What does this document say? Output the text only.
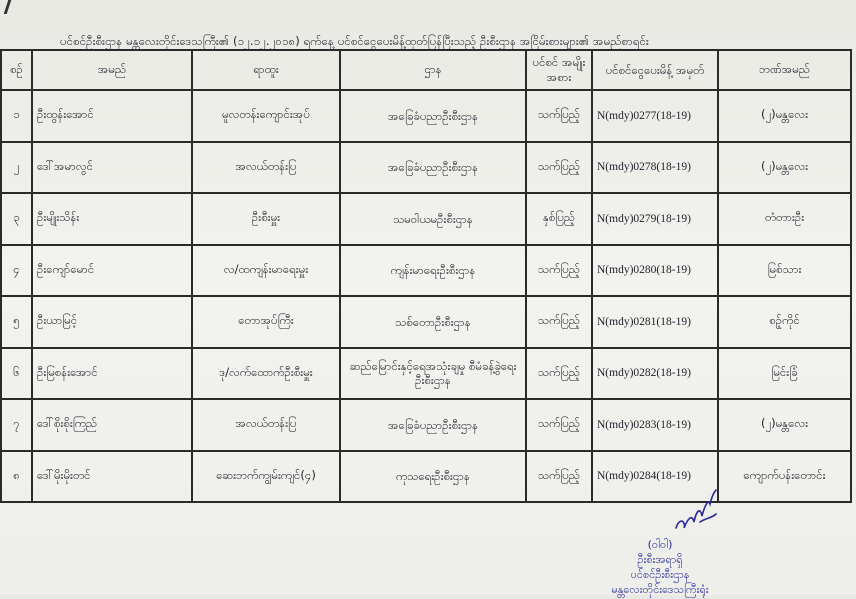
ပင်စင်ဦးစီးဌာန မန္တလေးတိုင်းဒေသကြီး၏ (၁၂.၁၂.၂၀၁၈) ရက်နေ့ ပင်စင်ငွေပေးမိန့်ထုတ်ပြန်ပြီးသည့် ဦးစီးဌာန အငြိမ်းစားများ၏ အမည်စာရင်း
စဉ်	အမည်	ရာထူး	ဌာန	ပင်စင် အမျိုးအစား	ပင်စင်ငွေပေးမိန့် အမှတ်	ဘဏ်အမည်
၁	ဦးထွန်းအောင်	မူလတန်းကျောင်းအုပ်	အခြေခံပညာဦးစီးဌာန	သက်ပြည့်	N(mdy)0277(18-19)	(၂)မန္တလေး
၂	ဒေါ်အမာလွင်	အလယ်တန်းပြ	အခြေခံပညာဦးစီးဌာန	သက်ပြည့်	N(mdy)0278(18-19)	(၂)မန္တလေး
၃	ဦးမျိုးသိန်း	ဦးစီးမှူး	သမဝါယမဦးစီးဌာန	နှစ်ပြည့်	N(mdy)0279(18-19)	တံတားဦး
၄	ဦးကျော်မောင်	လ/ထကျန်းမာရေးမှူး	ကျန်းမာရေးဦးစီးဌာန	သက်ပြည့်	N(mdy)0280(18-19)	မြစ်သား
၅	ဦးယာမြင့်	တောအုပ်ကြီး	သစ်တောဦးစီးဌာန	သက်ပြည့်	N(mdy)0281(18-19)	စဉ့်ကိုင်
၆	ဦးမြစန်းအောင်	ဒု/လက်ထောက်ဦးစီးမှူး	ဆည်မြောင်းနှင့်ရေအသုံးချမှု စီမံခန့်ခွဲရေးဦးစီးဌာန	သက်ပြည့်	N(mdy)0282(18-19)	မြင်းခြံ
၇	ဒေါ်စိုးစိုးကြည်	အလယ်တန်းပြ	အခြေခံပညာဦးစီးဌာန	သက်ပြည့်	N(mdy)0283(18-19)	(၂)မန္တလေး
၈	ဒေါ်မိုးမိုးတင်	ဆေးဘက်ကျွမ်းကျင်(၄)	ကုသရေးဦးစီးဌာန	သက်ပြည့်	N(mdy)0284(18-19)	ကျောက်ပန်းတောင်း
(ဝါဝါ)
ဦးစီးအရာရှိ
ပင်စင်ဦးစီးဌာန
မန္တလေးတိုင်းဒေသကြီးရုံး
